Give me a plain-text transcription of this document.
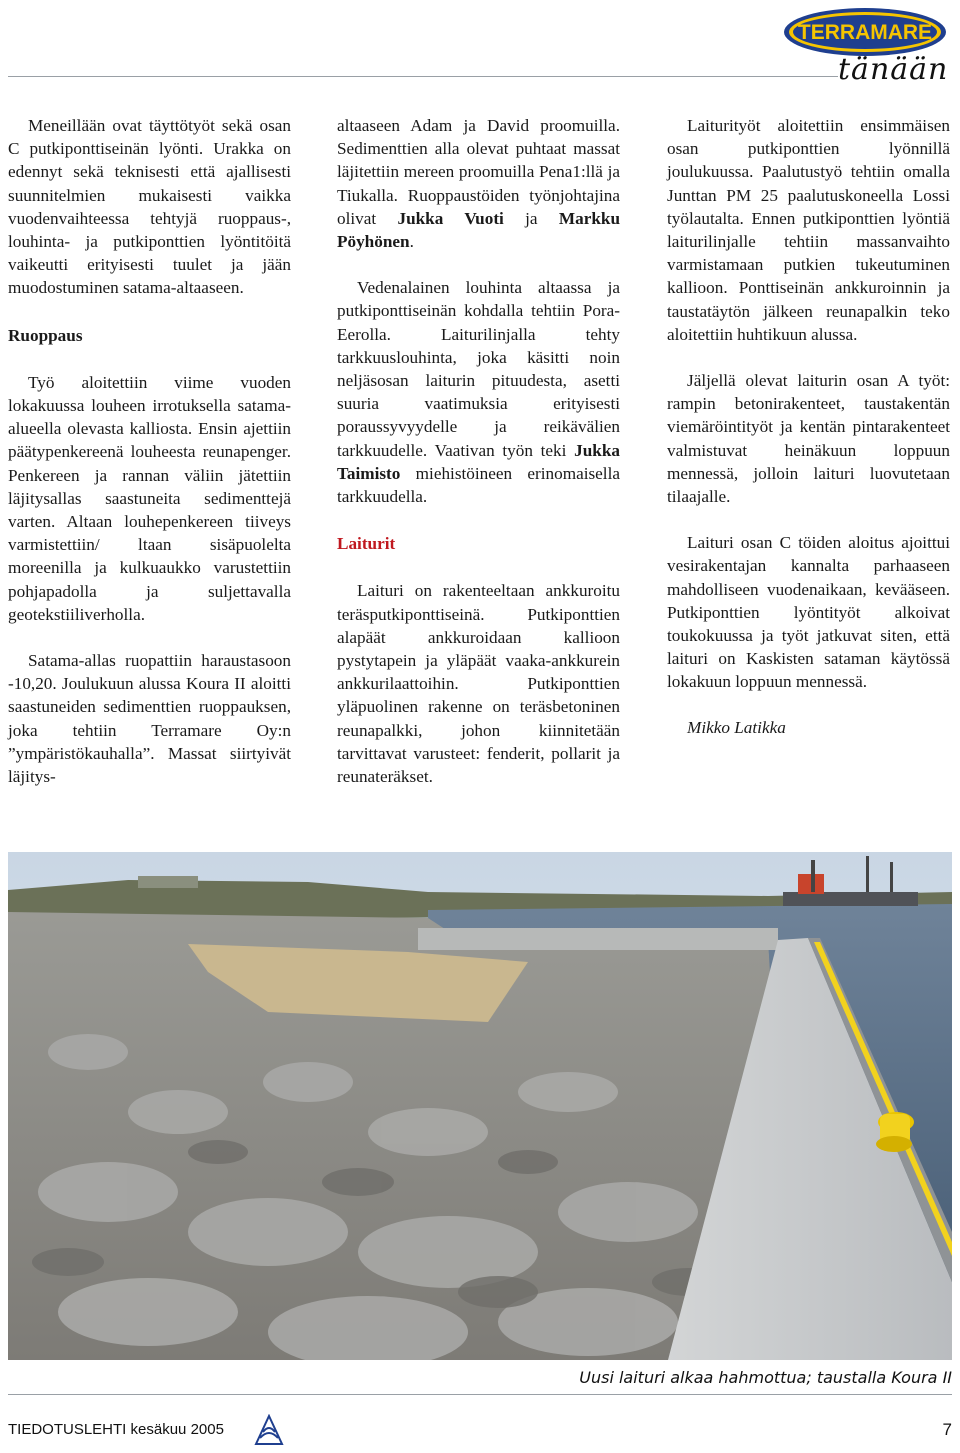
TERRAMARE
tänään

Meneillään ovat täyttötyöt sekä osan C putkiponttiseinän lyönti. Urakka on edennyt sekä teknisesti että ajallisesti suunnitelmien mukaisesti vaikka vuodenvaihteessa tehtyjä ruoppaus-, louhinta- ja putkiponttien lyöntitöitä vaikeutti erityisesti tuulet ja jään muodostuminen satama-altaaseen.

Ruoppaus

Työ aloitettiin viime vuoden lokakuussa louheen irrotuksella satama-alueella olevasta kalliosta. Ensin ajettiin päätypenkereenä louheesta reunapenger. Penkereen ja rannan väliin jätettiin läjitysallas saastuneita sedimenttejä varten. Altaan louhepenkereen tiiveys varmistettiin/ ltaan sisäpuolelta moreenilla ja kulkuaukko varustettiin pohjapadolla ja suljettavalla geotekstiiliverholla.

Satama-allas ruopattiin haraustasoon -10,20. Joulukuun alussa Koura II aloitti saastuneiden sedimenttien ruoppauksen, joka tehtiin Terramare Oy:n ”ympäristökauhalla”. Massat siirtyivät läjitys-

altaaseen Adam ja David proomuilla. Sedimenttien alla olevat puhtaat massat läjitettiin mereen proomuilla Pena1:llä ja Tiukalla. Ruoppaustöiden työnjohtajina olivat Jukka Vuoti ja Markku Pöyhönen.

Vedenalainen louhinta altaassa ja putkiponttiseinän kohdalla tehtiin Pora-Eerolla. Laiturilinjalla tehty tarkkuuslouhinta, joka käsitti noin neljäsosan laiturin pituudesta, asetti suuria vaatimuksia erityisesti poraussyvyydelle ja reikävälien tarkkuudelle. Vaativan työn teki Jukka Taimisto miehistöineen erinomaisella tarkkuudella.

Laiturit

Laituri on rakenteeltaan ankkuroitu teräsputkiponttiseinä. Putkiponttien alapäät ankkuroidaan kallioon pystytapein ja yläpäät vaaka-ankkurein ankkurilaattoihin. Putkiponttien yläpuolinen rakenne on teräsbetoninen reunapalkki, johon kiinnitetään tarvittavat varusteet: fenderit, pollarit ja reunateräkset.

Laiturityöt aloitettiin ensimmäisen osan putkiponttien lyönnillä joulukuussa. Paalutustyö tehtiin omalla Junttan PM 25 paalutuskoneella Lossi työlautalta. Ennen putkiponttien lyöntiä laiturilinjalle tehtiin massanvaihto varmistamaan putkien tukeutuminen kallioon. Ponttiseinän ankkuroinnin ja taustatäytön jälkeen reunapalkin teko aloitettiin huhtikuun alussa.

Jäljellä olevat laiturin osan A työt: rampin betonirakenteet, taustakentän viemäröintityöt ja kentän pintarakenteet valmistuvat heinäkuun loppuun mennessä, jolloin laituri luovutetaan tilaajalle.

Laituri osan C töiden aloitus ajoittui vesirakentajan kannalta parhaaseen mahdolliseen vuodenaikaan, kevääseen. Putkiponttien lyöntityöt alkoivat toukokuussa ja työt jatkuvat siten, että laituri on Kaskisten sataman käytössä lokakuun loppuun mennessä.

Mikko Latikka

Uusi laituri alkaa hahmottua; taustalla Koura II
TIEDOTUSLEHTI kesäkuu 2005	7
